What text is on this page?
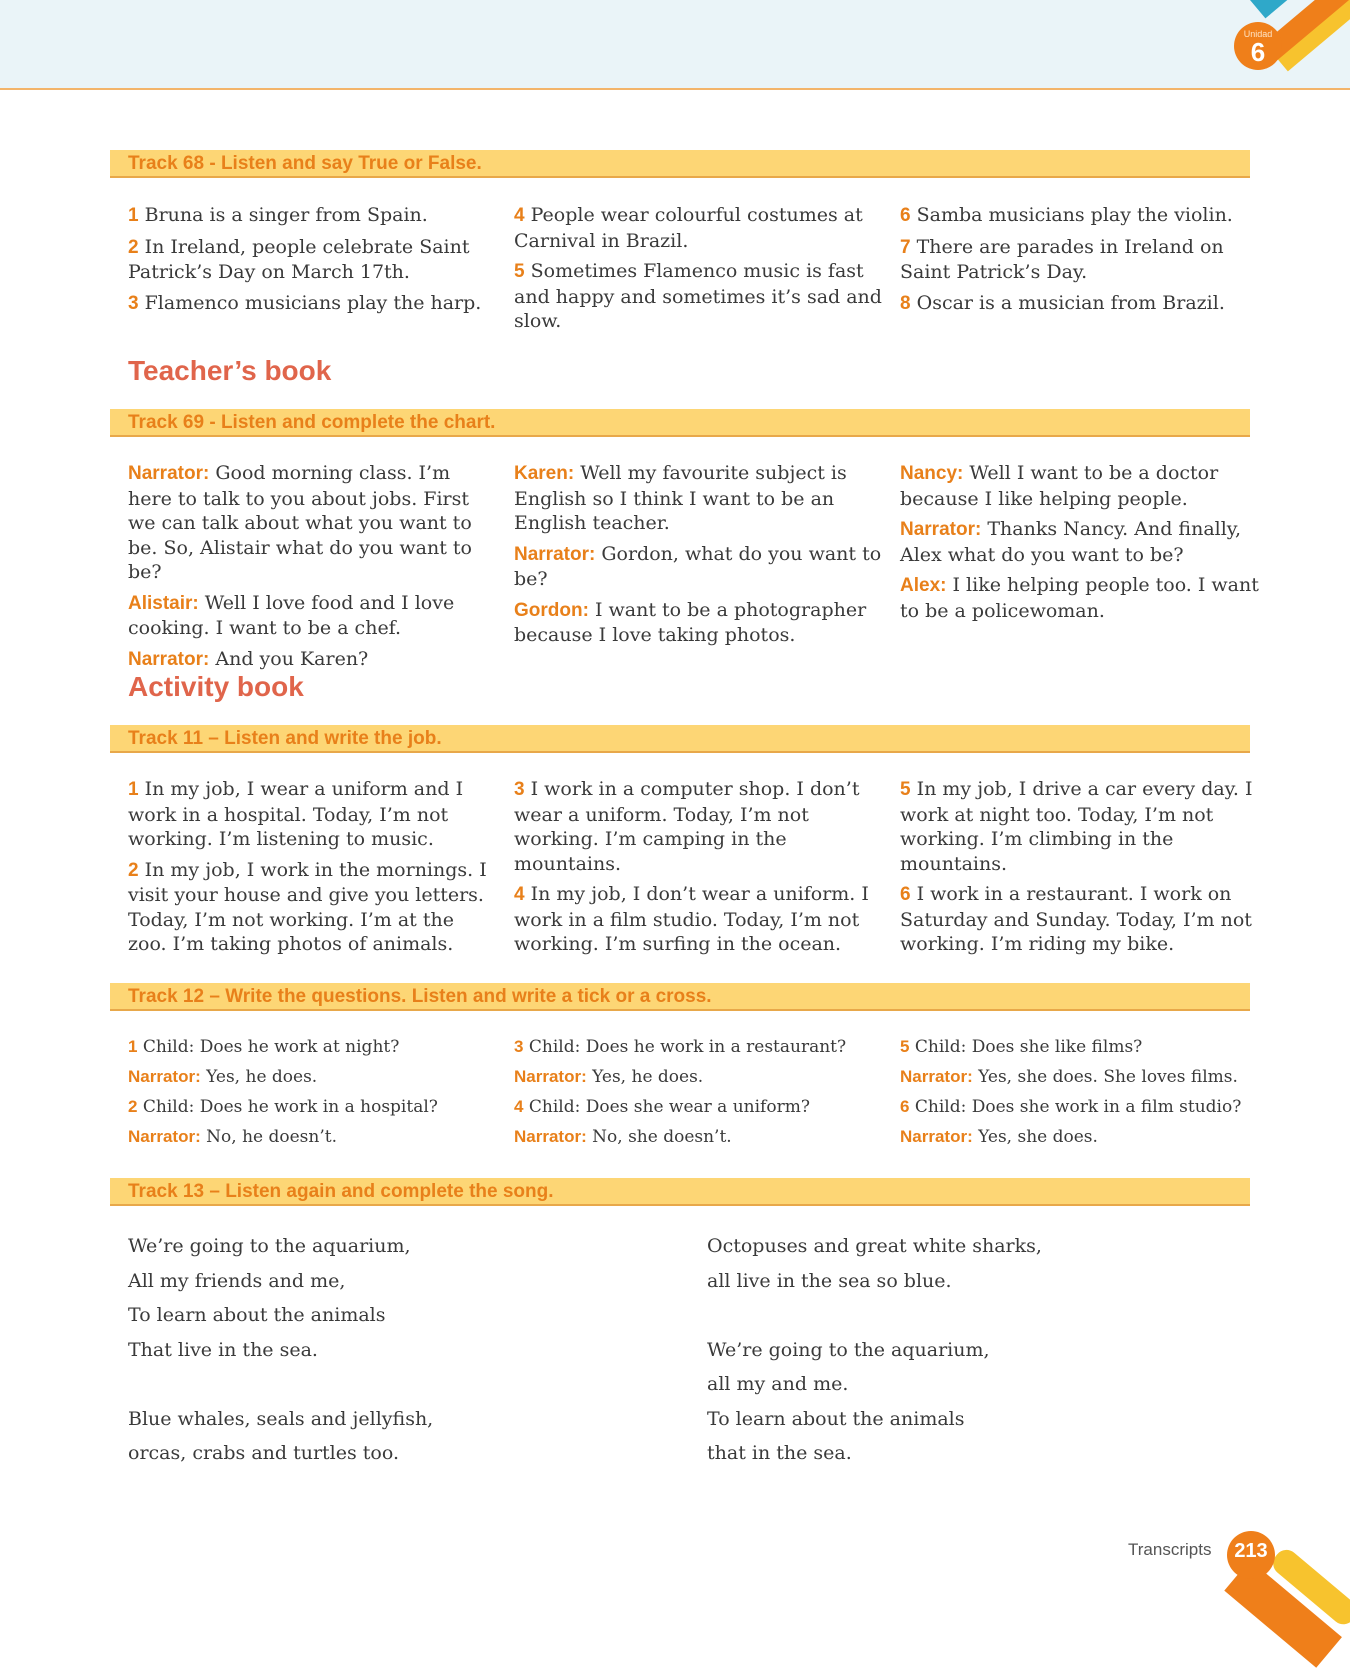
Unidad
6
Track 68 - Listen and say True or False.

1 Bruna is a singer from Spain.

2 In Ireland, people celebrate Saint Patrick’s Day on March 17th.

3 Flamenco musicians play the harp.

4 People wear colourful costumes at Carnival in Brazil.

5 Sometimes Flamenco music is fast and happy and sometimes it’s sad and slow.

6 Samba musicians play the violin.

7 There are parades in Ireland on Saint Patrick’s Day.

8 Oscar is a musician from Brazil.

Teacher’s book
Track 69 - Listen and complete the chart.

Narrator: Good morning class. I’m here to talk to you about jobs. First we can talk about what you want to be. So, Alistair what do you want to be?

Alistair: Well I love food and I love cooking. I want to be a chef.

Narrator: And you Karen?

Karen: Well my favourite subject is English so I think I want to be an English teacher.

Narrator: Gordon, what do you want to be?

Gordon: I want to be a photographer because I love taking photos.

Nancy: Well I want to be a doctor because I like helping people.

Narrator: Thanks Nancy. And finally, Alex what do you want to be?

Alex: I like helping people too. I want to be a policewoman.

Activity book
Track 11 – Listen and write the job.

1 In my job, I wear a uniform and I work in a hospital. Today, I’m not working. I’m listening to music.

2 In my job, I work in the mornings. I visit your house and give you letters. Today, I’m not working. I’m at the zoo. I’m taking photos of animals.

3 I work in a computer shop. I don’t wear a uniform. Today, I’m not working. I’m camping in the mountains.

4 In my job, I don’t wear a uniform. I work in a film studio. Today, I’m not working. I’m surfing in the ocean.

5 In my job, I drive a car every day. I work at night too. Today, I’m not working. I’m climbing in the mountains.

6 I work in a restaurant. I work on Saturday and Sunday. Today, I’m not working. I’m riding my bike.

Track 12 – Write the questions. Listen and write a tick or a cross.

1 Child: Does he work at night?

Narrator: Yes, he does.

2 Child: Does he work in a hospital?

Narrator: No, he doesn’t.

3 Child: Does he work in a restaurant?

Narrator: Yes, he does.

4 Child: Does she wear a uniform?

Narrator: No, she doesn’t.

5 Child: Does she like films?

Narrator: Yes, she does. She loves films.

6 Child: Does she work in a film studio?

Narrator: Yes, she does.

Track 13 – Listen again and complete the song.
We’re going to the aquarium,
All my friends and me,
To learn about the animals
That live in the sea.
Blue whales, seals and jellyfish,
orcas, crabs and turtles too.
Octopuses and great white sharks,
all live in the sea so blue.
We’re going to the aquarium,
all my and me.
To learn about the animals
that in the sea.
Transcripts	213
